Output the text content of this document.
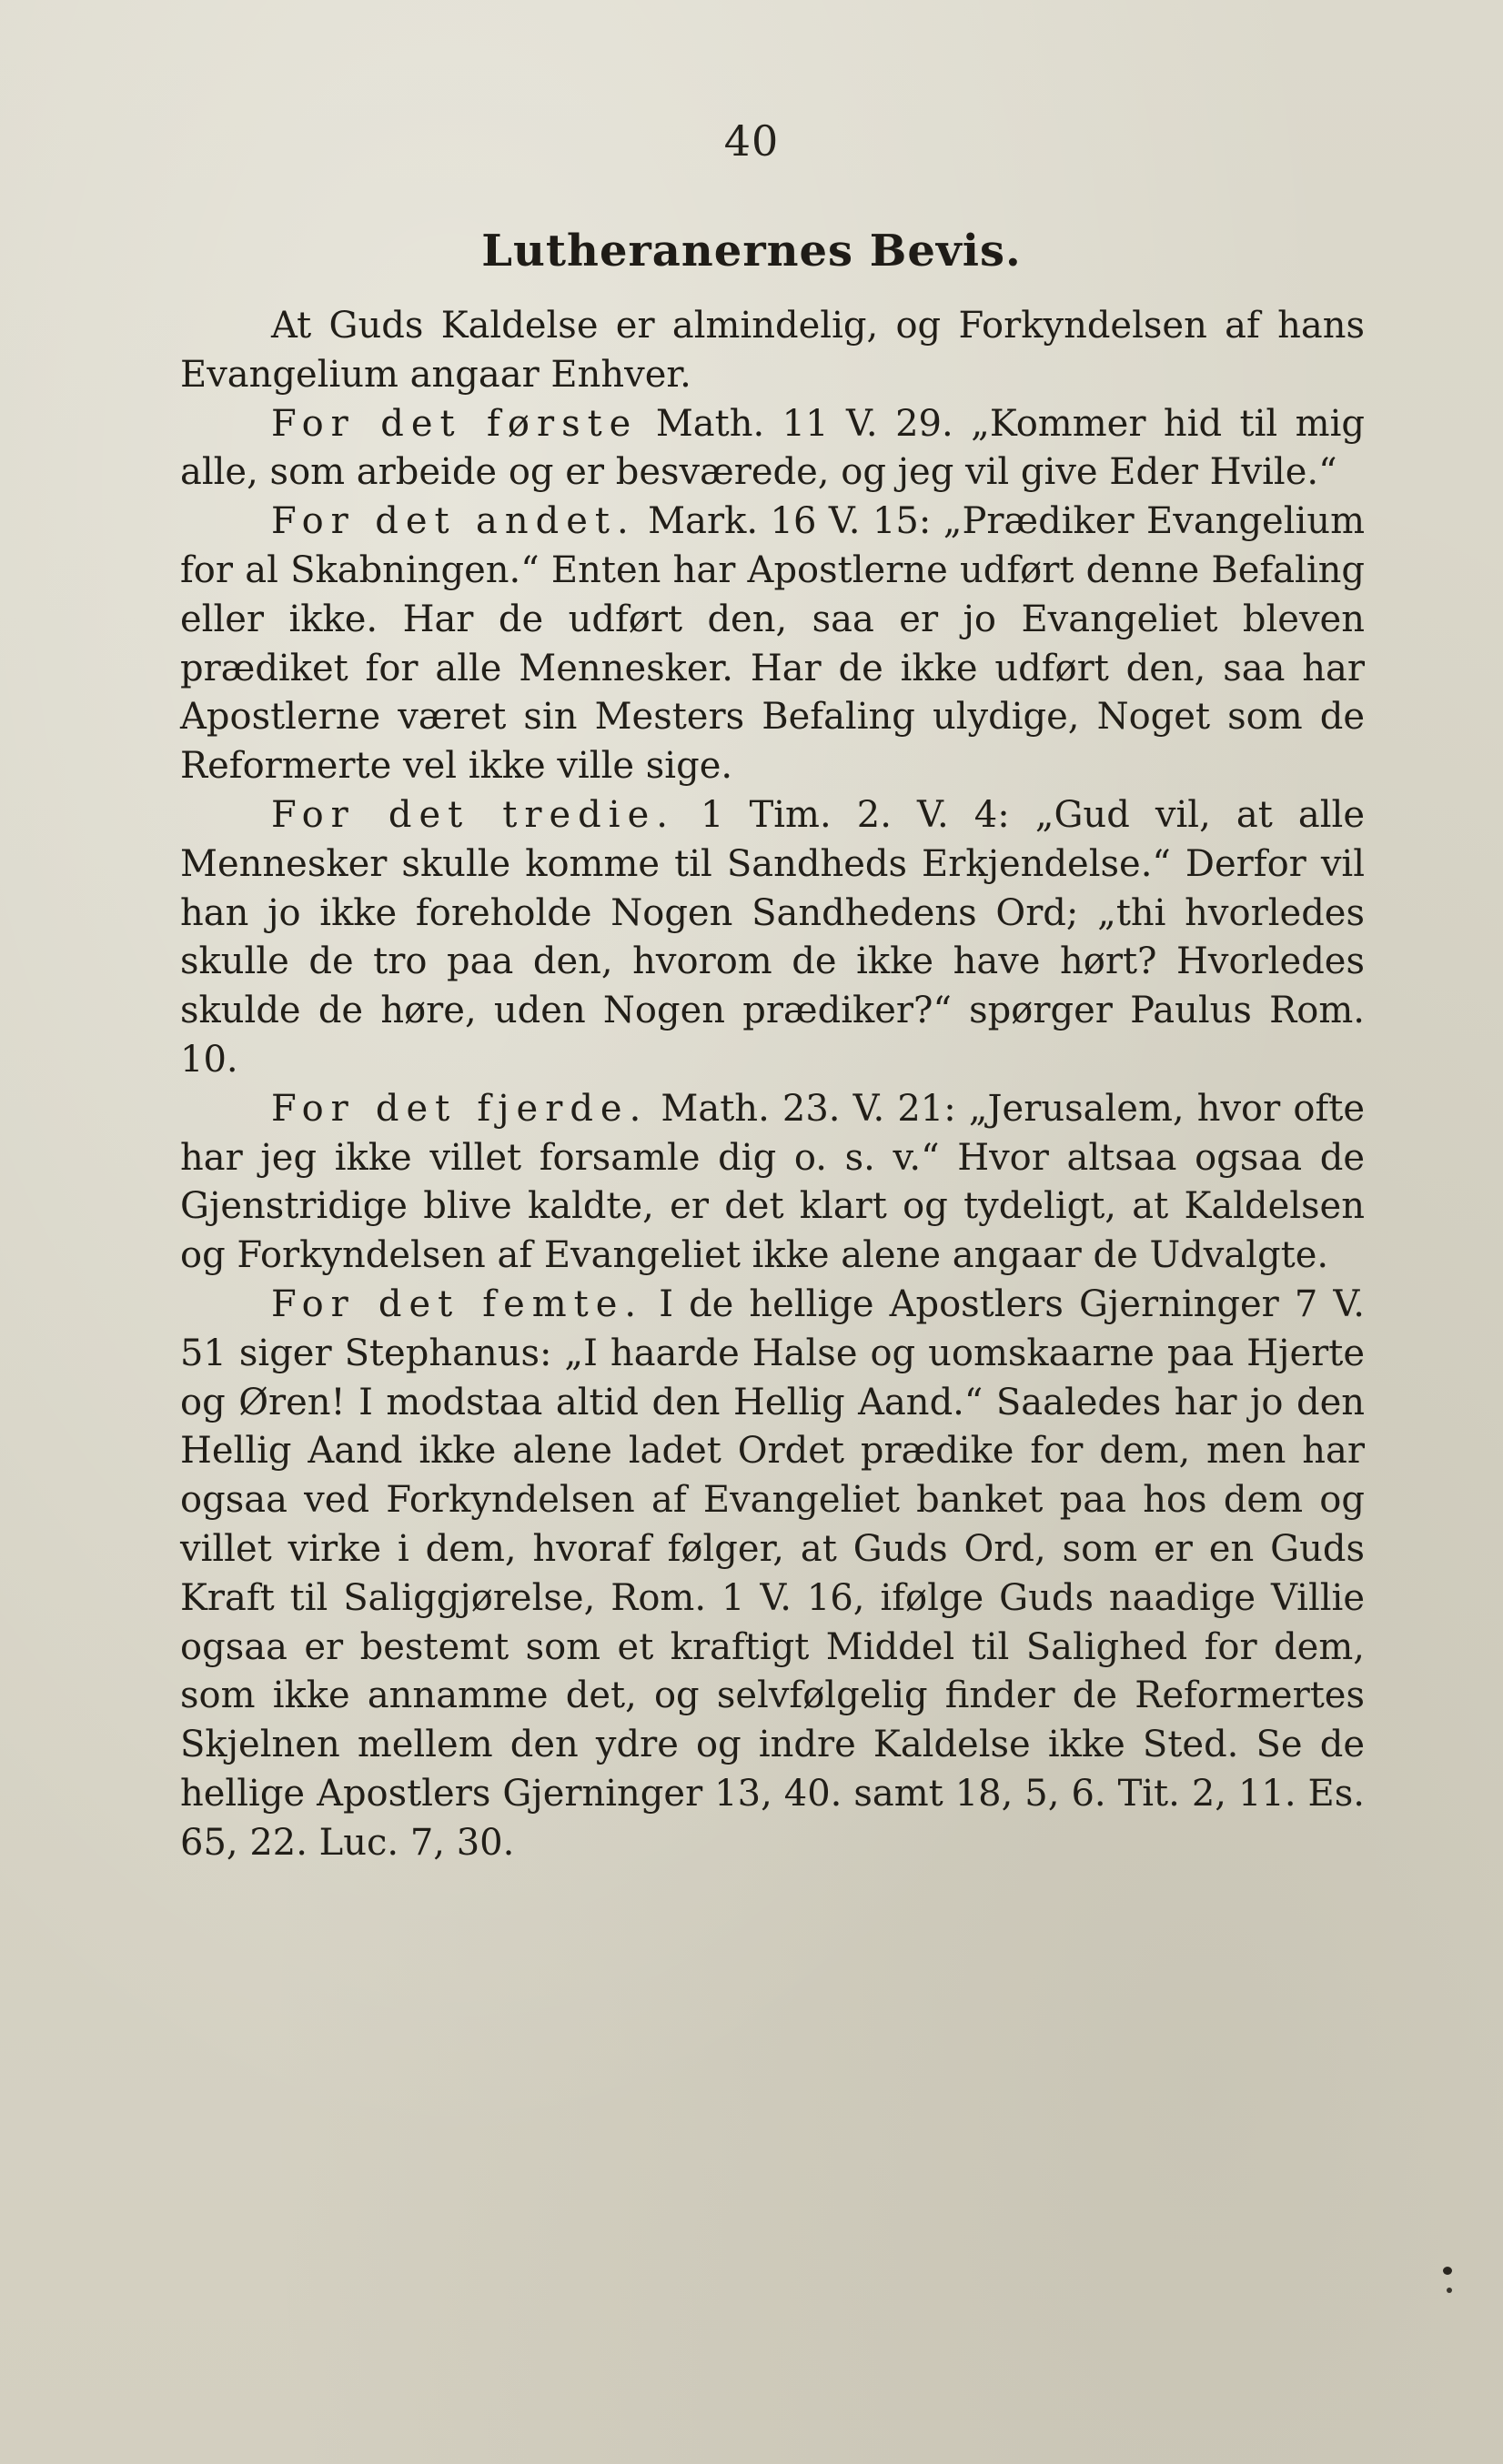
40
Lutheranernes Bevis.

At Guds Kaldelse er almindelig, og Forkyndelsen af hans Evangelium angaar Enhver.

For det første Math. 11 V. 29. „Kommer hid til mig alle, som arbeide og er besværede, og jeg vil give Eder Hvile.“

For det andet. Mark. 16 V. 15: „Prædiker Evangelium for al Skabningen.“ Enten har Apostlerne udført denne Befaling eller ikke. Har de udført den, saa er jo Evangeliet bleven prædiket for alle Mennesker. Har de ikke udført den, saa har Apostlerne været sin Mesters Befaling ulydige, Noget som de Reformerte vel ikke ville sige.

For det tredie. 1 Tim. 2. V. 4: „Gud vil, at alle Mennesker skulle komme til Sandheds Erkjendelse.“ Derfor vil han jo ikke foreholde Nogen Sandhedens Ord; „thi hvorledes skulle de tro paa den, hvorom de ikke have hørt? Hvorledes skulde de høre, uden Nogen prædiker?“ spørger Paulus Rom. 10.

For det fjerde. Math. 23. V. 21: „Jerusalem, hvor ofte har jeg ikke villet forsamle dig o. s. v.“ Hvor altsaa ogsaa de Gjenstridige blive kaldte, er det klart og tydeligt, at Kaldelsen og Forkyndelsen af Evangeliet ikke alene angaar de Udvalgte.

For det femte. I de hellige Apostlers Gjerninger 7 V. 51 siger Stephanus: „I haarde Halse og uomskaarne paa Hjerte og Øren! I modstaa altid den Hellig Aand.“ Saaledes har jo den Hellig Aand ikke alene ladet Ordet prædike for dem, men har ogsaa ved Forkyndelsen af Evangeliet banket paa hos dem og villet virke i dem, hvoraf følger, at Guds Ord, som er en Guds Kraft til Saliggjørelse, Rom. 1 V. 16, ifølge Guds naadige Villie ogsaa er bestemt som et kraftigt Middel til Salighed for dem, som ikke annamme det, og selvfølgelig finder de Reformertes Skjelnen mellem den ydre og indre Kaldelse ikke Sted. Se de hellige Apostlers Gjerninger 13, 40. samt 18, 5, 6. Tit. 2, 11. Es. 65, 22. Luc. 7, 30.
